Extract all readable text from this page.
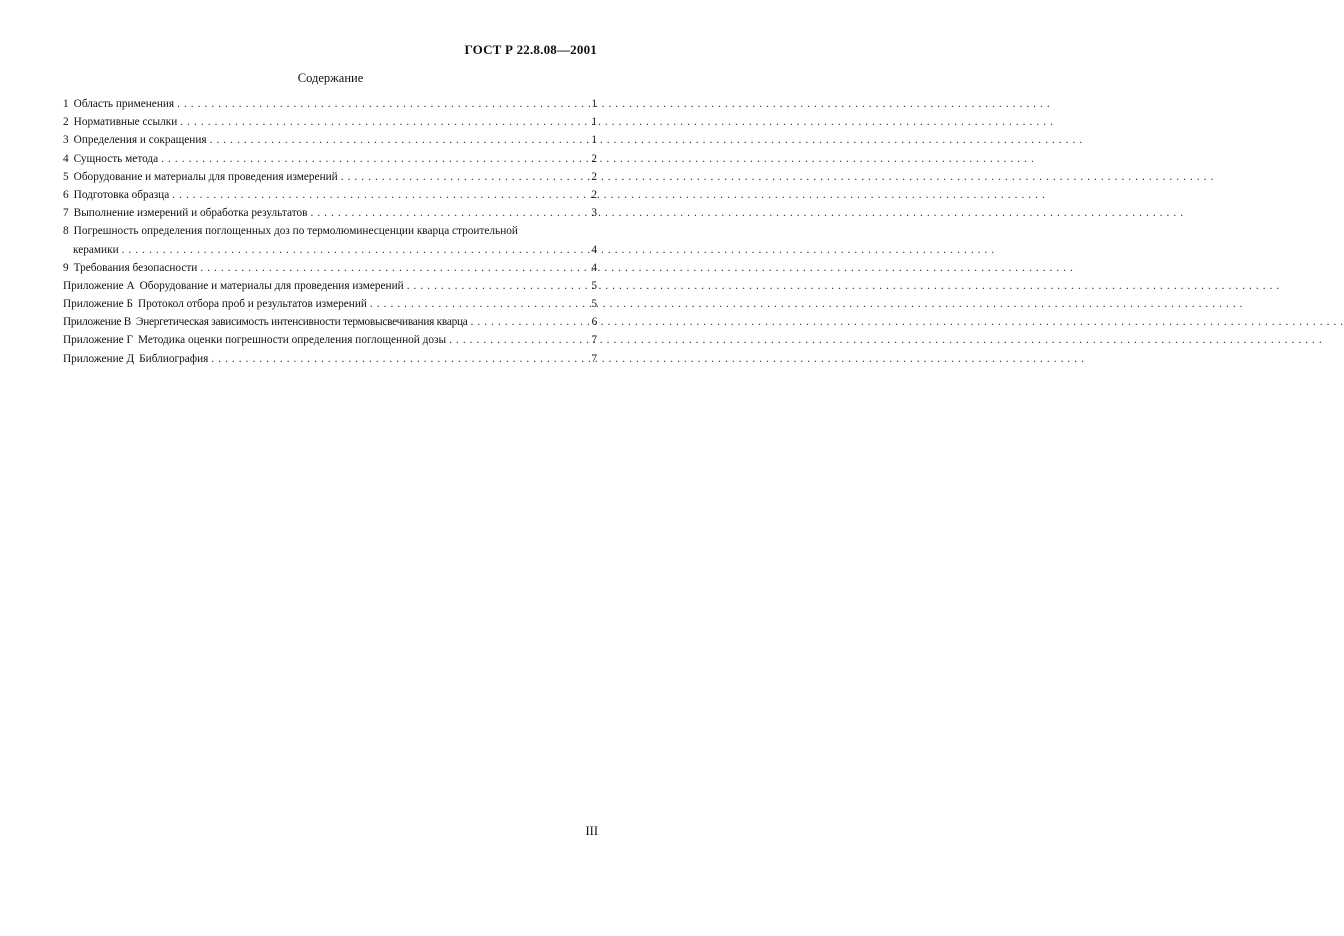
ГОСТ Р 22.8.08—2001
Содержание
1 Область применения . . .	1
2 Нормативные ссылки . . .	1
3 Определения и сокращения . . .	1
4 Сущность метода . . .	2
5 Оборудование и материалы для проведения измерений . . .	2
6 Подготовка образца . . .	2
7 Выполнение измерений и обработка результатов . . .	3
8 Погрешность определения поглощенных доз по термолюминесценции кварца строительной
керамики . . .	4
9 Требования безопасности . . .	4
Приложение А Оборудование и материалы для проведения измерений . . .	5
Приложение Б Протокол отбора проб и результатов измерений . . .	5
Приложение В Энергетическая зависимость интенсивности термовысвечивания кварца . . .	6
Приложение Г Методика оценки погрешности определения поглощенной дозы . . .	7
Приложение Д Библиография . . .	7
III
